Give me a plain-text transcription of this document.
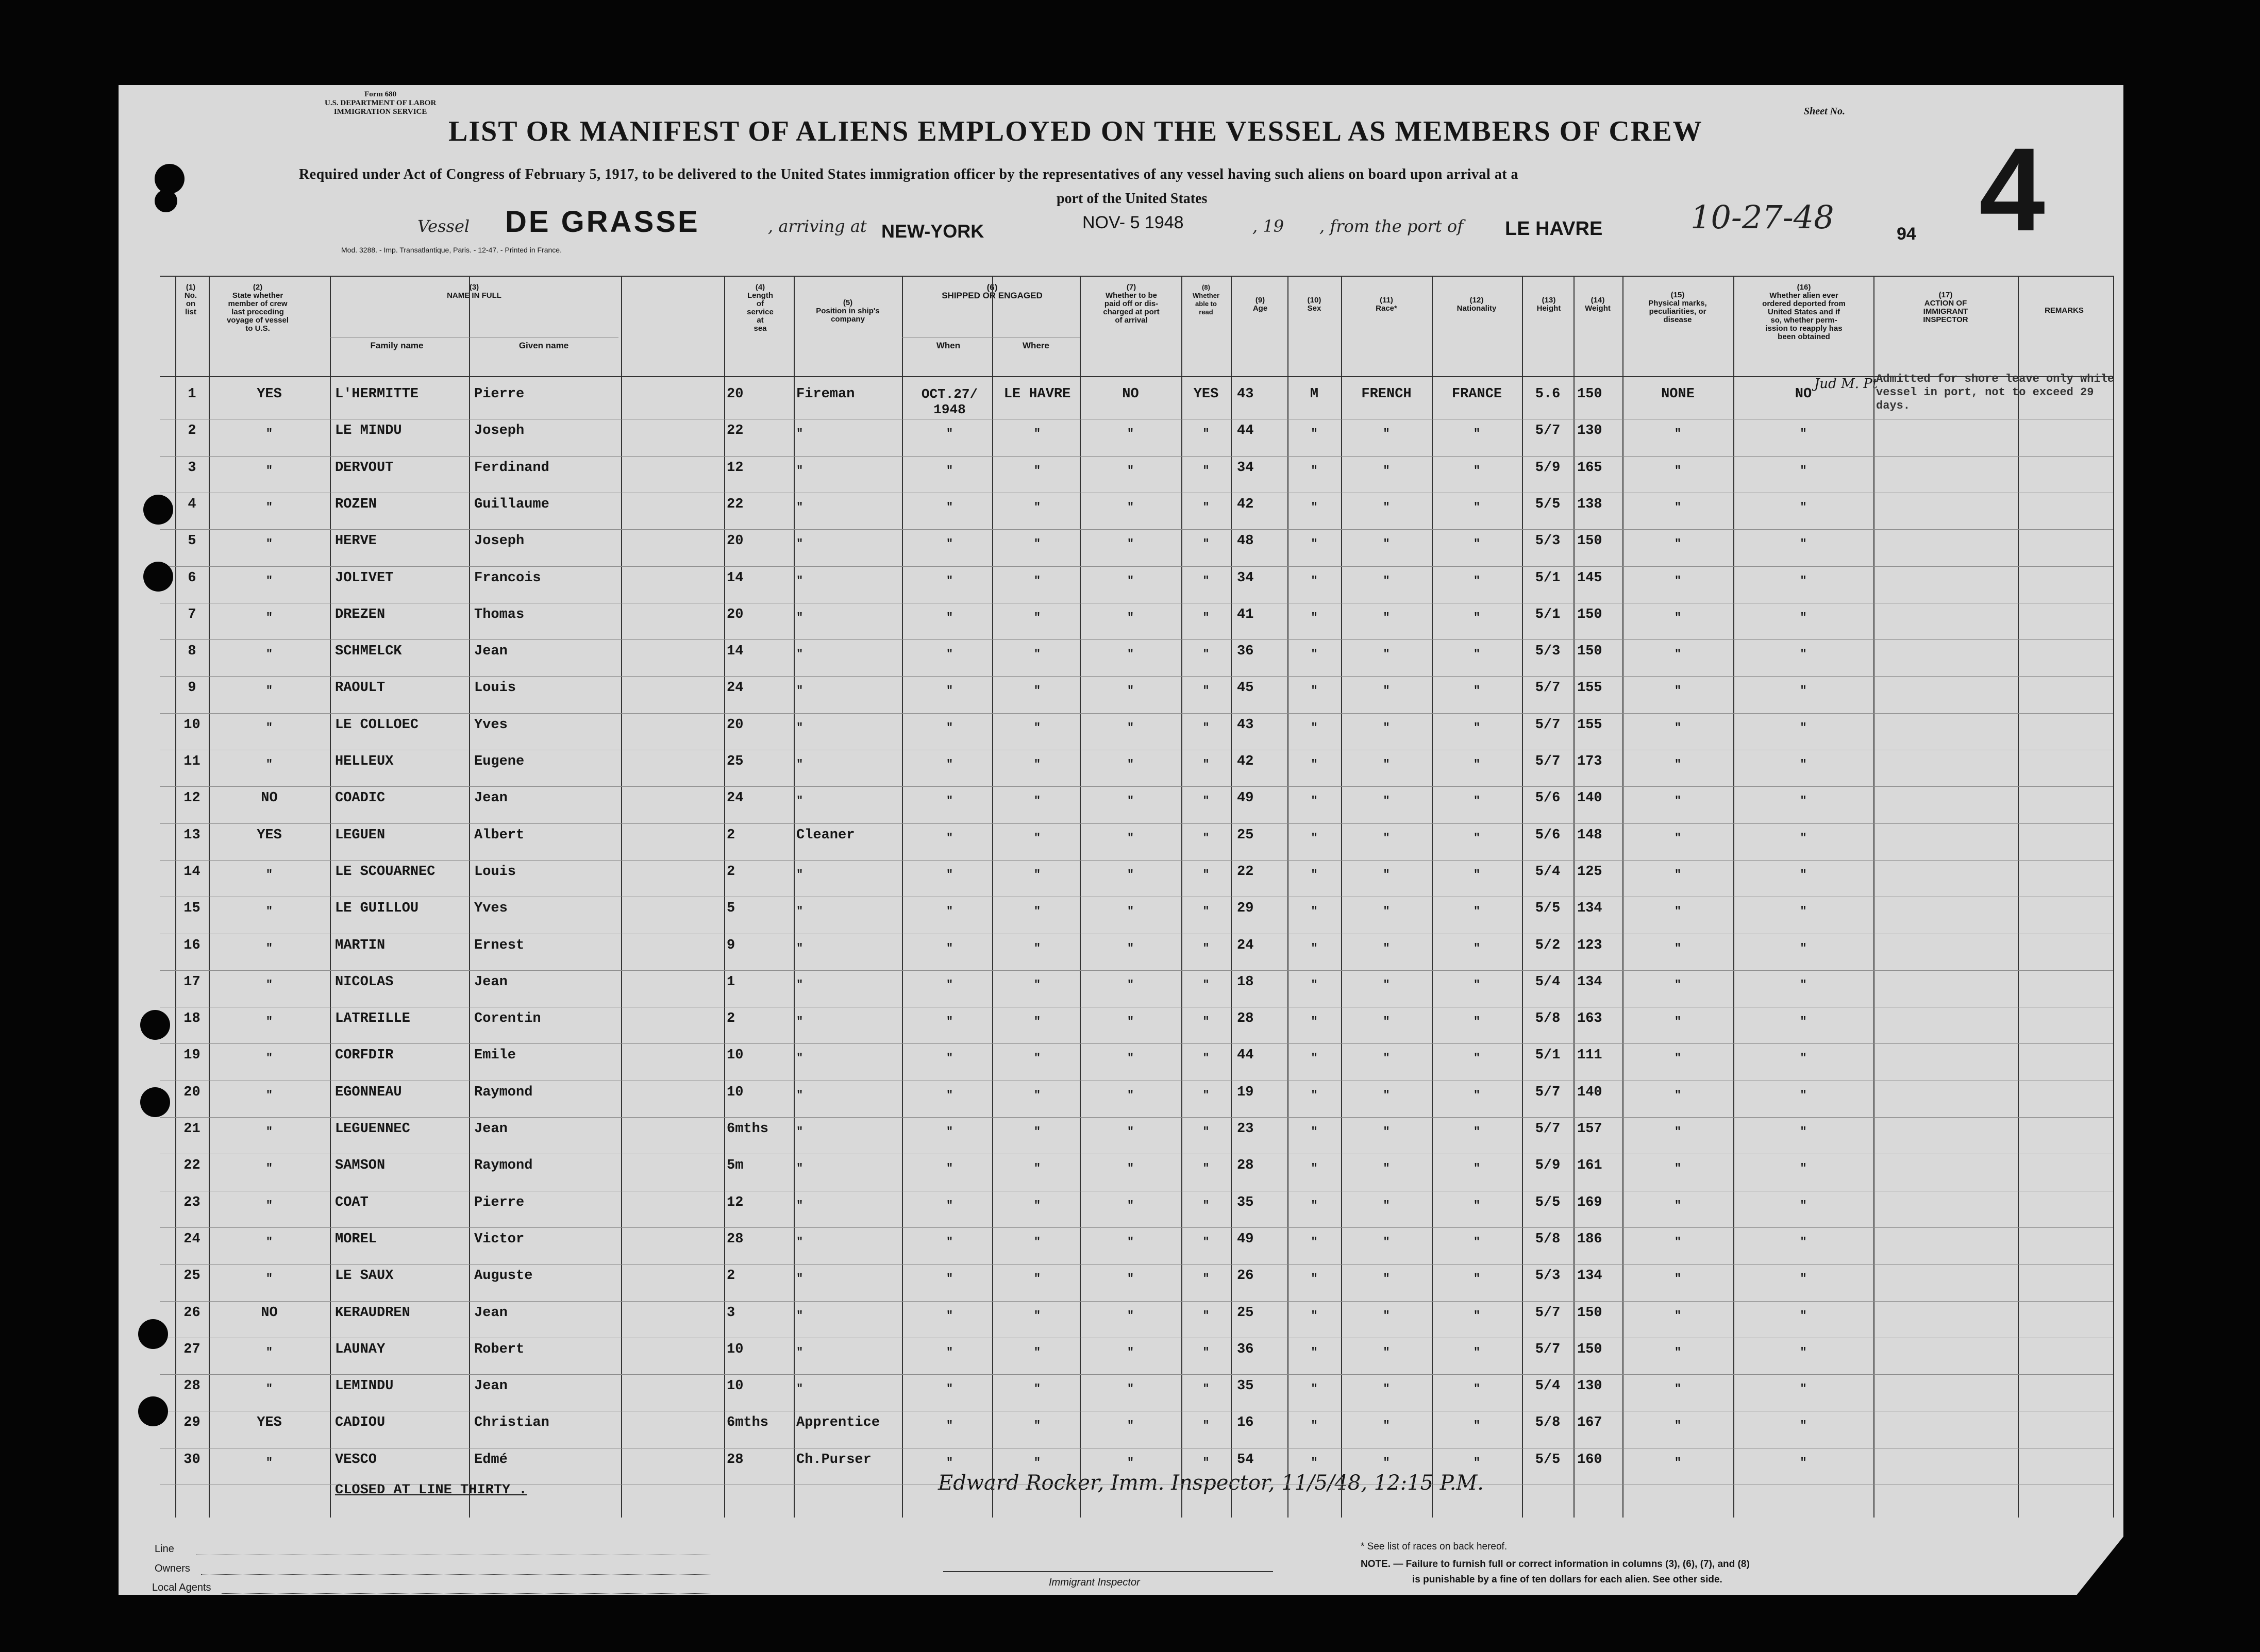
Form 680
U.S. DEPARTMENT OF LABOR
IMMIGRATION SERVICE	Sheet No.
4
LIST OR MANIFEST OF ALIENS EMPLOYED ON THE VESSEL AS MEMBERS OF CREW
Required under Act of Congress of February 5, 1917, to be delivered to the United States immigration officer by the representatives of any vessel having such aliens on board upon arrival at a
port of the United States
Vessel DE GRASSE	, arriving at NEW-YORK	NOV- 5 1948	, 19 , from the port of LE HAVRE	10-27-48	94
Mod. 3288. - Imp. Transatlantique, Paris. - 12-47. - Printed in France.
(1)
No.
on
list
(2)
State whether
member of crew
last preceding
voyage of vessel
to U.S.
(3)
NAME IN FULL
Family name	Given name
(4)
Length
of
service
at
sea
(5)
Position in ship's
company
(6)
SHIPPED OR ENGAGED
When	Where
(7)
Whether to be
paid off or dis-
charged at port
of arrival
(8)
Whether
able to
read
(9)
Age
(10)
Sex
(11)
Race*
(12)
Nationality
(13)
Height
(14)
Weight
(15)
Physical marks,
peculiarities, or
disease
(16)
Whether alien ever
ordered deported from
United States and if
so, whether perm-
ission to reapply has
been obtained
(17)
ACTION OF
IMMIGRANT
INSPECTOR
REMARKS
Jud M. Pt
Admitted for shore leave only while vessel in port, not to exceed 29 days.
CLOSED AT LINE THIRTY .	Edward Rocker, Imm. Inspector, 11/5/48, 12:15 P.M.
1	YES	L'HERMITTE	Pierre	20	Fireman	OCT.27/
1948
LE HAVRE	NO	YES	43	M	FRENCH	FRANCE	5.6	150	NONE	NO
2	"	LE MINDU	Joseph	22	"	"	"	"	"	44	"	"	"	5/7	130	"	"
3	"	DERVOUT	Ferdinand	12	"	"	"	"	"	34	"	"	"	5/9	165	"	"
4	"	ROZEN	Guillaume	22	"	"	"	"	"	42	"	"	"	5/5	138	"	"
5	"	HERVE	Joseph	20	"	"	"	"	"	48	"	"	"	5/3	150	"	"
6	"	JOLIVET	Francois	14	"	"	"	"	"	34	"	"	"	5/1	145	"	"
7	"	DREZEN	Thomas	20	"	"	"	"	"	41	"	"	"	5/1	150	"	"
8	"	SCHMELCK	Jean	14	"	"	"	"	"	36	"	"	"	5/3	150	"	"
9	"	RAOULT	Louis	24	"	"	"	"	"	45	"	"	"	5/7	155	"	"
10	"	LE COLLOEC	Yves	20	"	"	"	"	"	43	"	"	"	5/7	155	"	"
11	"	HELLEUX	Eugene	25	"	"	"	"	"	42	"	"	"	5/7	173	"	"
12	NO	COADIC	Jean	24	"	"	"	"	"	49	"	"	"	5/6	140	"	"
13	YES	LEGUEN	Albert	2	Cleaner	"	"	"	"	25	"	"	"	5/6	148	"	"
14	"	LE SCOUARNEC	Louis	2	"	"	"	"	"	22	"	"	"	5/4	125	"	"
15	"	LE GUILLOU	Yves	5	"	"	"	"	"	29	"	"	"	5/5	134	"	"
16	"	MARTIN	Ernest	9	"	"	"	"	"	24	"	"	"	5/2	123	"	"
17	"	NICOLAS	Jean	1	"	"	"	"	"	18	"	"	"	5/4	134	"	"
18	"	LATREILLE	Corentin	2	"	"	"	"	"	28	"	"	"	5/8	163	"	"
19	"	CORFDIR	Emile	10	"	"	"	"	"	44	"	"	"	5/1	111	"	"
20	"	EGONNEAU	Raymond	10	"	"	"	"	"	19	"	"	"	5/7	140	"	"
21	"	LEGUENNEC	Jean	6mths	"	"	"	"	"	23	"	"	"	5/7	157	"	"
22	"	SAMSON	Raymond	5m	"	"	"	"	"	28	"	"	"	5/9	161	"	"
23	"	COAT	Pierre	12	"	"	"	"	"	35	"	"	"	5/5	169	"	"
24	"	MOREL	Victor	28	"	"	"	"	"	49	"	"	"	5/8	186	"	"
25	"	LE SAUX	Auguste	2	"	"	"	"	"	26	"	"	"	5/3	134	"	"
26	NO	KERAUDREN	Jean	3	"	"	"	"	"	25	"	"	"	5/7	150	"	"
27	"	LAUNAY	Robert	10	"	"	"	"	"	36	"	"	"	5/7	150	"	"
28	"	LEMINDU	Jean	10	"	"	"	"	"	35	"	"	"	5/4	130	"	"
29	YES	CADIOU	Christian	6mths	Apprentice	"	"	"	"	16	"	"	"	5/8	167	"	"
30	"	VESCO	Edmé	28	Ch.Purser	"	"	"	"	54	"	"	"	5/5	160	"	"
Line
Owners
Local Agents	Immigrant Inspector
* See list of races on back hereof.
NOTE. — Failure to furnish full or correct information in columns (3), (6), (7), and (8)
is punishable by a fine of ten dollars for each alien. See other side.
